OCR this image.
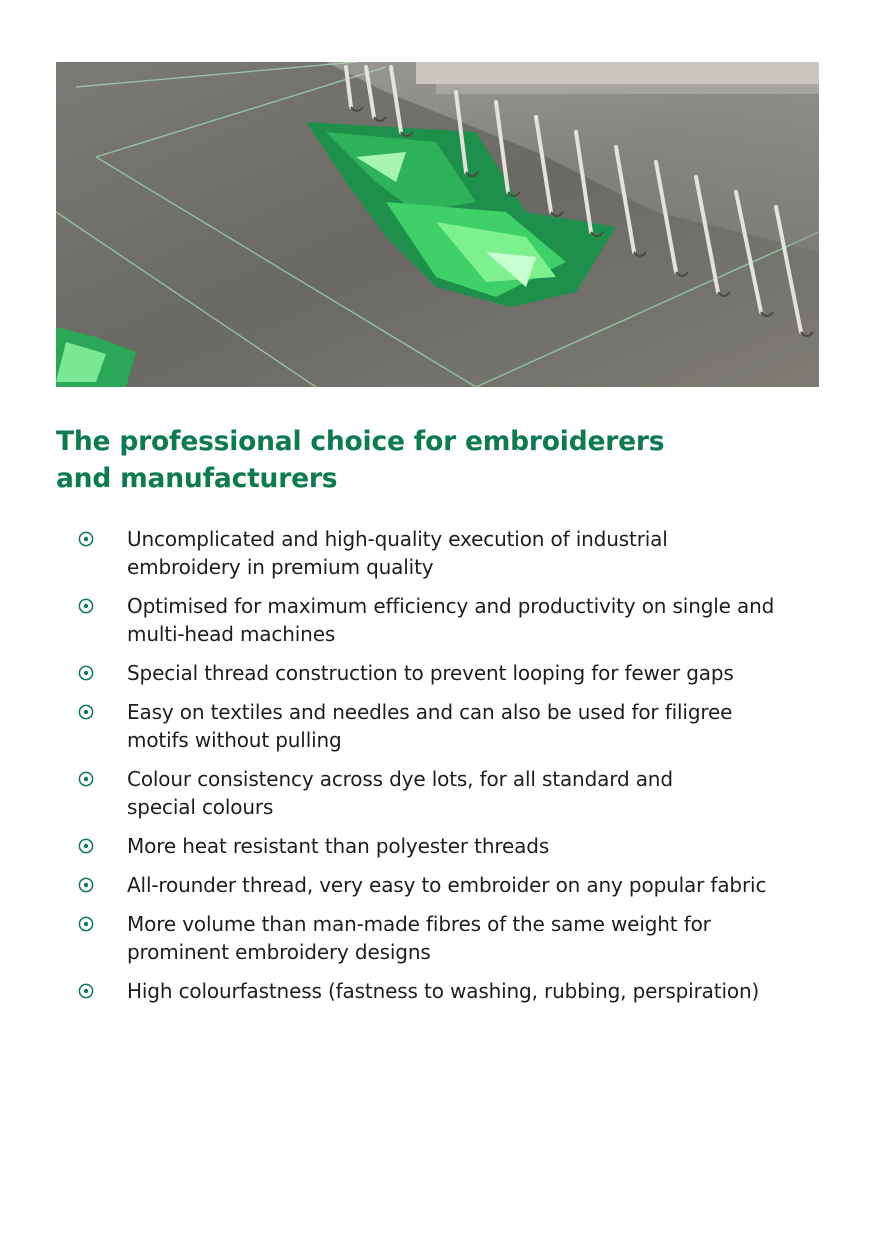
The professional choice for embroiderers
and manufacturers
Uncomplicated and high-quality execution of industrial
embroidery in premium quality
Optimised for maximum efficiency and productivity on single and
multi-head machines
Special thread construction to prevent looping for fewer gaps
Easy on textiles and needles and can also be used for filigree
motifs without pulling
Colour consistency across dye lots, for all standard and
special colours
More heat resistant than polyester threads
All-rounder thread, very easy to embroider on any popular fabric
More volume than man-made fibres of the same weight for
prominent embroidery designs
High colourfastness (fastness to washing, rubbing, perspiration)
